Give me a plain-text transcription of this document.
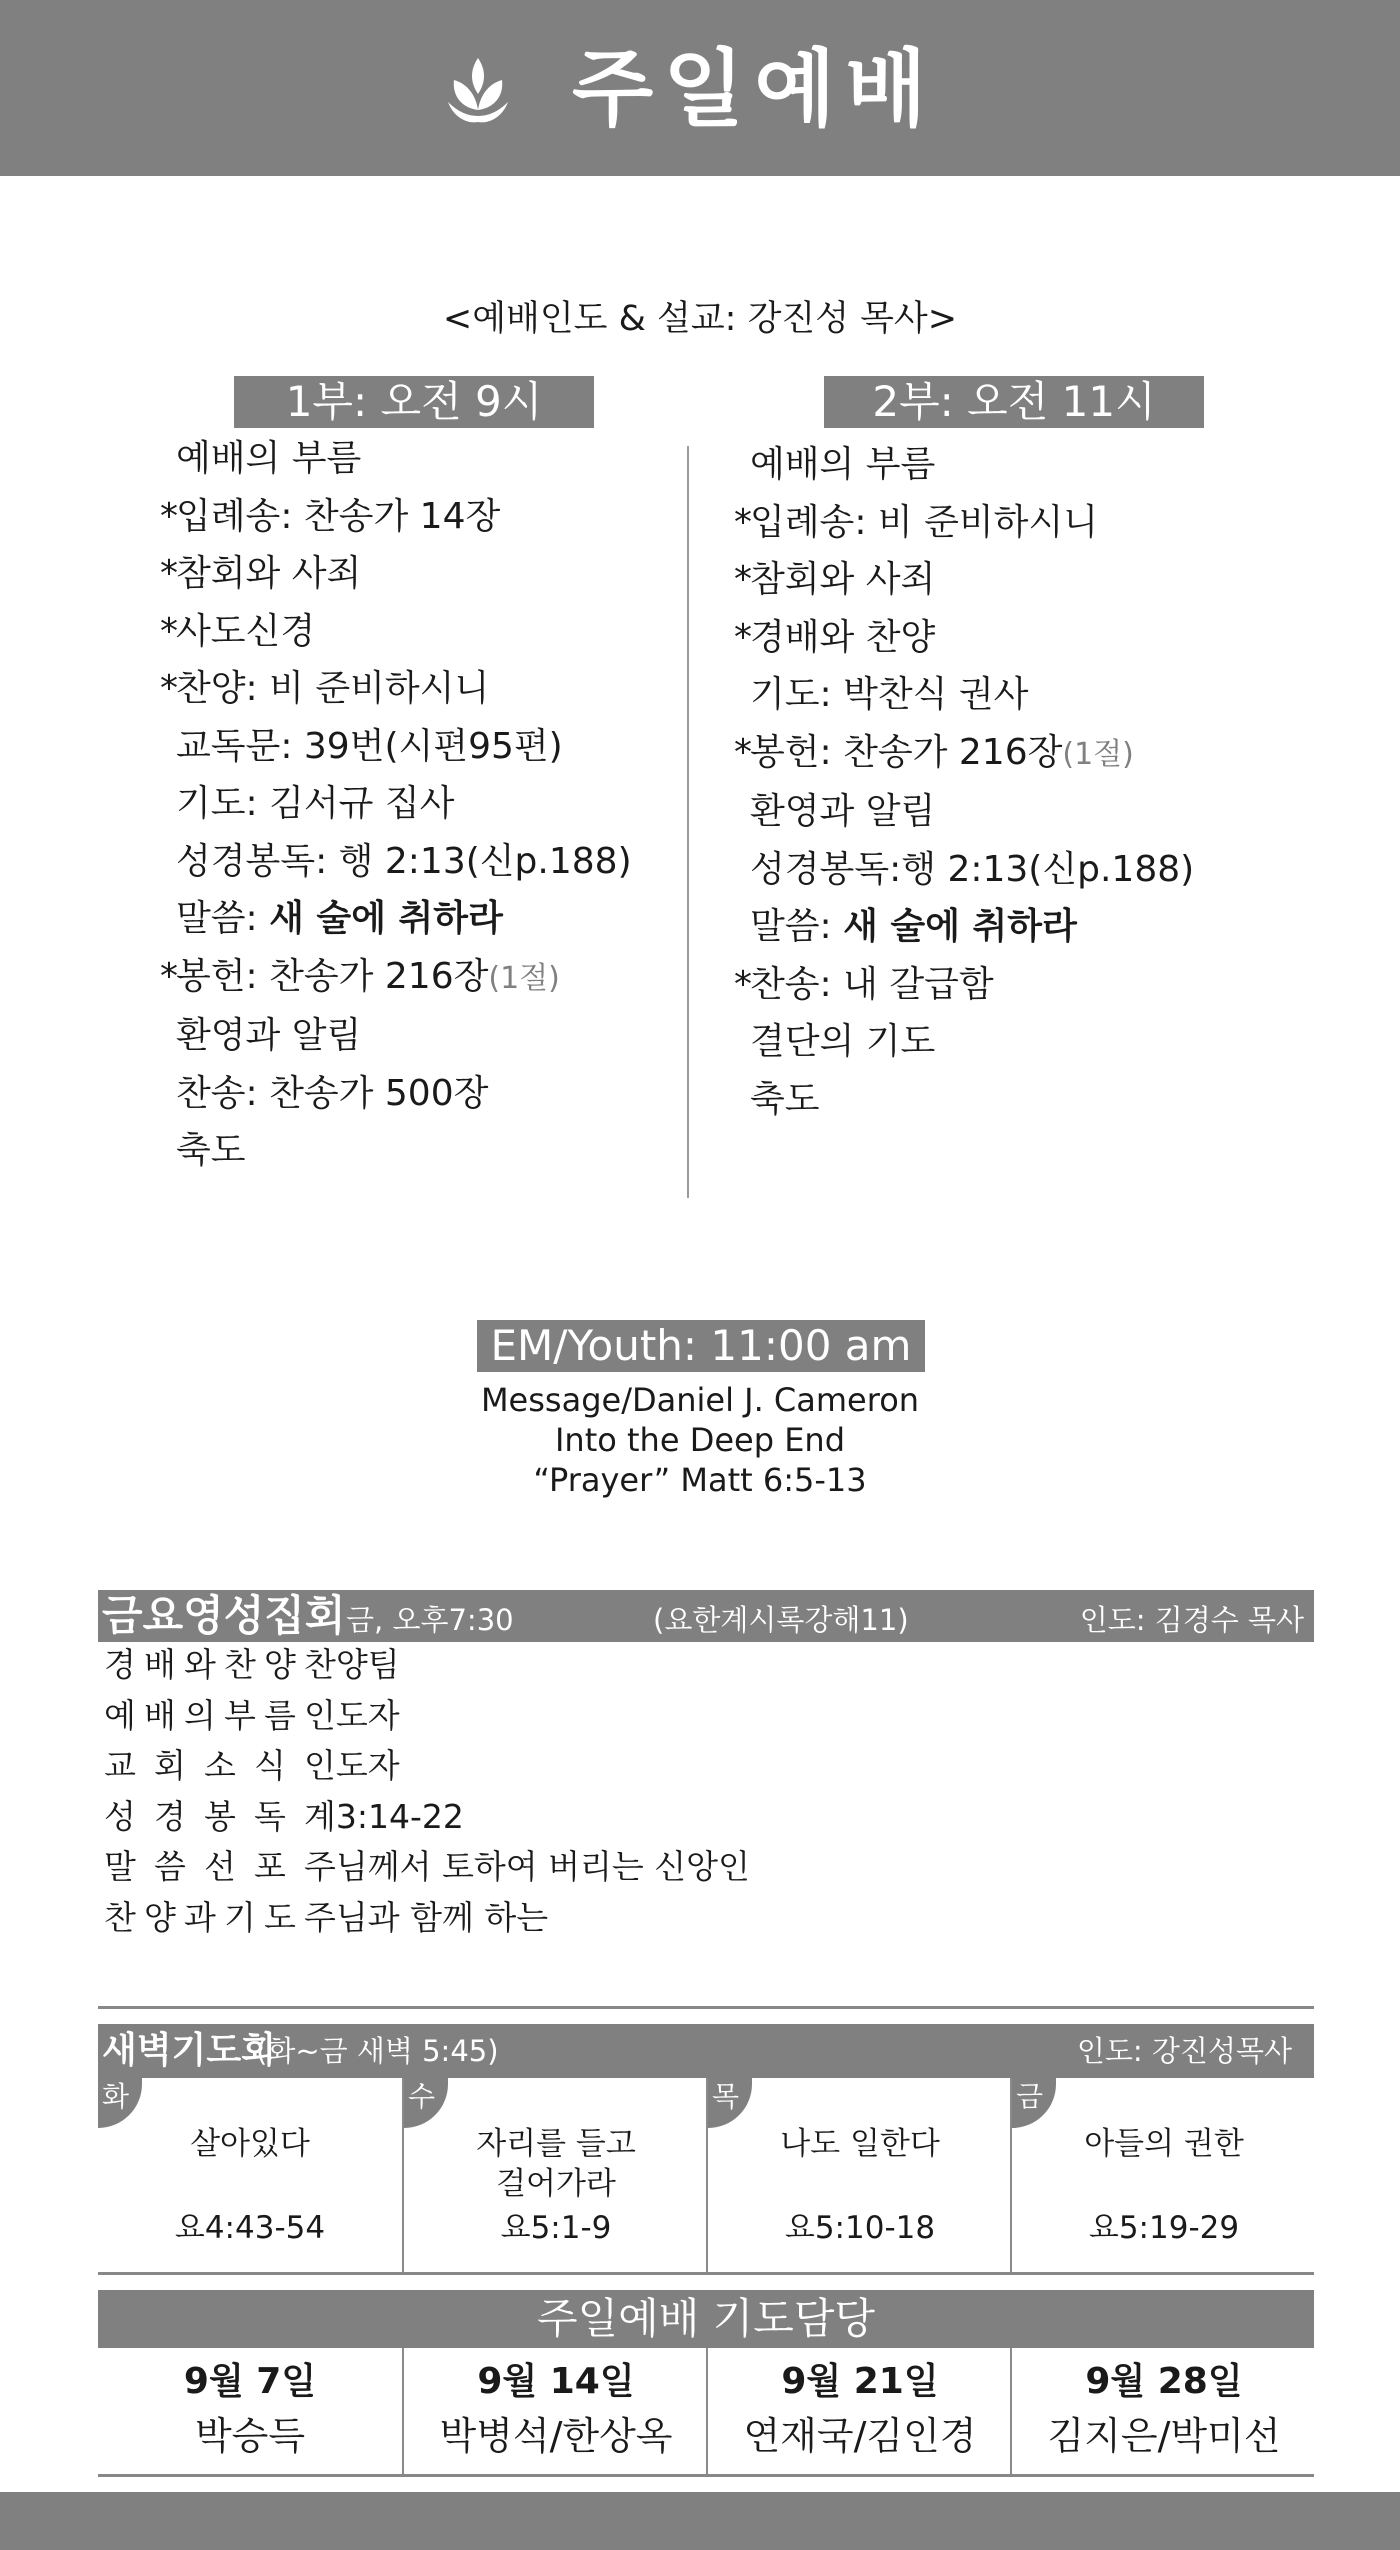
주일예배
<예배인도 & 설교: 강진성 목사>
1부: 오전 9시
예배의 부름
*입례송: 찬송가 14장
*참회와 사죄
*사도신경
*찬양: 비 준비하시니
교독문: 39번(시편95편)
기도: 김서규 집사
성경봉독: 행 2:13(신p.188)
말씀: 새 술에 취하라
*봉헌: 찬송가 216장(1절)
환영과 알림
찬송: 찬송가 500장
축도
2부: 오전 11시
예배의 부름
*입례송: 비 준비하시니
*참회와 사죄
*경배와 찬양
기도: 박찬식 권사
*봉헌: 찬송가 216장(1절)
환영과 알림
성경봉독:행 2:13(신p.188)
말씀: 새 술에 취하라
*찬송: 내 갈급함
결단의 기도
축도
EM/Youth: 11:00 am
Message/Daniel J. Cameron
Into the Deep End
“Prayer” Matt 6:5-13
금요영성집회 금, 오후7:30	(요한계시록강해11)	인도: 김경수 목사
경 배 와 찬 양 찬양팀
예 배 의 부 름 인도자
교 회 소 식 인도자
성 경 봉 독 계3:14-22
말 씀 선 포 주님께서 토하여 버리는 신앙인
찬 양 과 기 도 주님과 함께 하는
새벽기도회
(화~금 새벽 5:45)	인도: 강진성목사
화
살아있다
요4:43-54
수
자리를 들고
걸어가라
요5:1-9
목
나도 일한다
요5:10-18
금
아들의 권한
요5:19-29
주일예배 기도담당
9월 7일
박승득
9월 14일
박병석/한상옥
9월 21일
연재국/김인경
9월 28일
김지은/박미선
